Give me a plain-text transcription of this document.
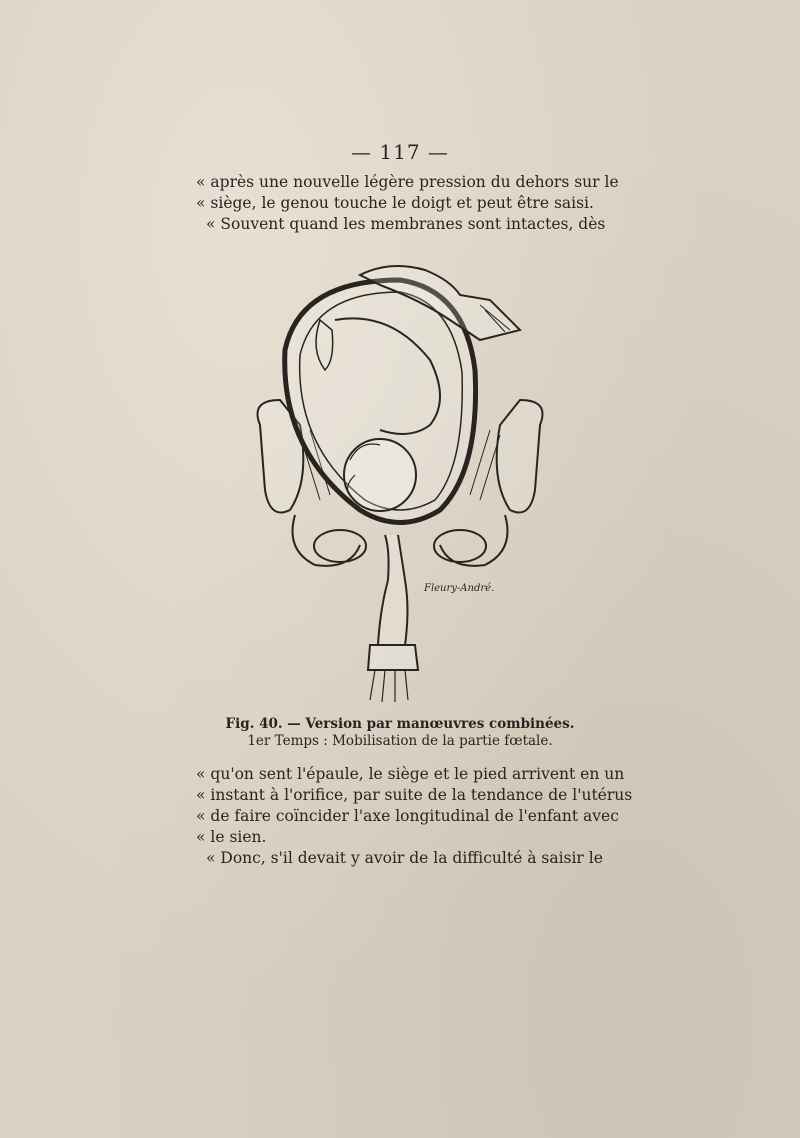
— 117 —
« après une nouvelle légère pression du dehors sur le
« siège, le genou touche le doigt et peut être saisi.
« Souvent quand les membranes sont intactes, dès
Fleury-André.
Fig. 40. — Version par manœuvres combinées.
1er Temps : Mobilisation de la partie fœtale.
« qu'on sent l'épaule, le siège et le pied arrivent en un
« instant à l'orifice, par suite de la tendance de l'utérus
« de faire coïncider l'axe longitudinal de l'enfant avec
« le sien.
« Donc, s'il devait y avoir de la difficulté à saisir le
